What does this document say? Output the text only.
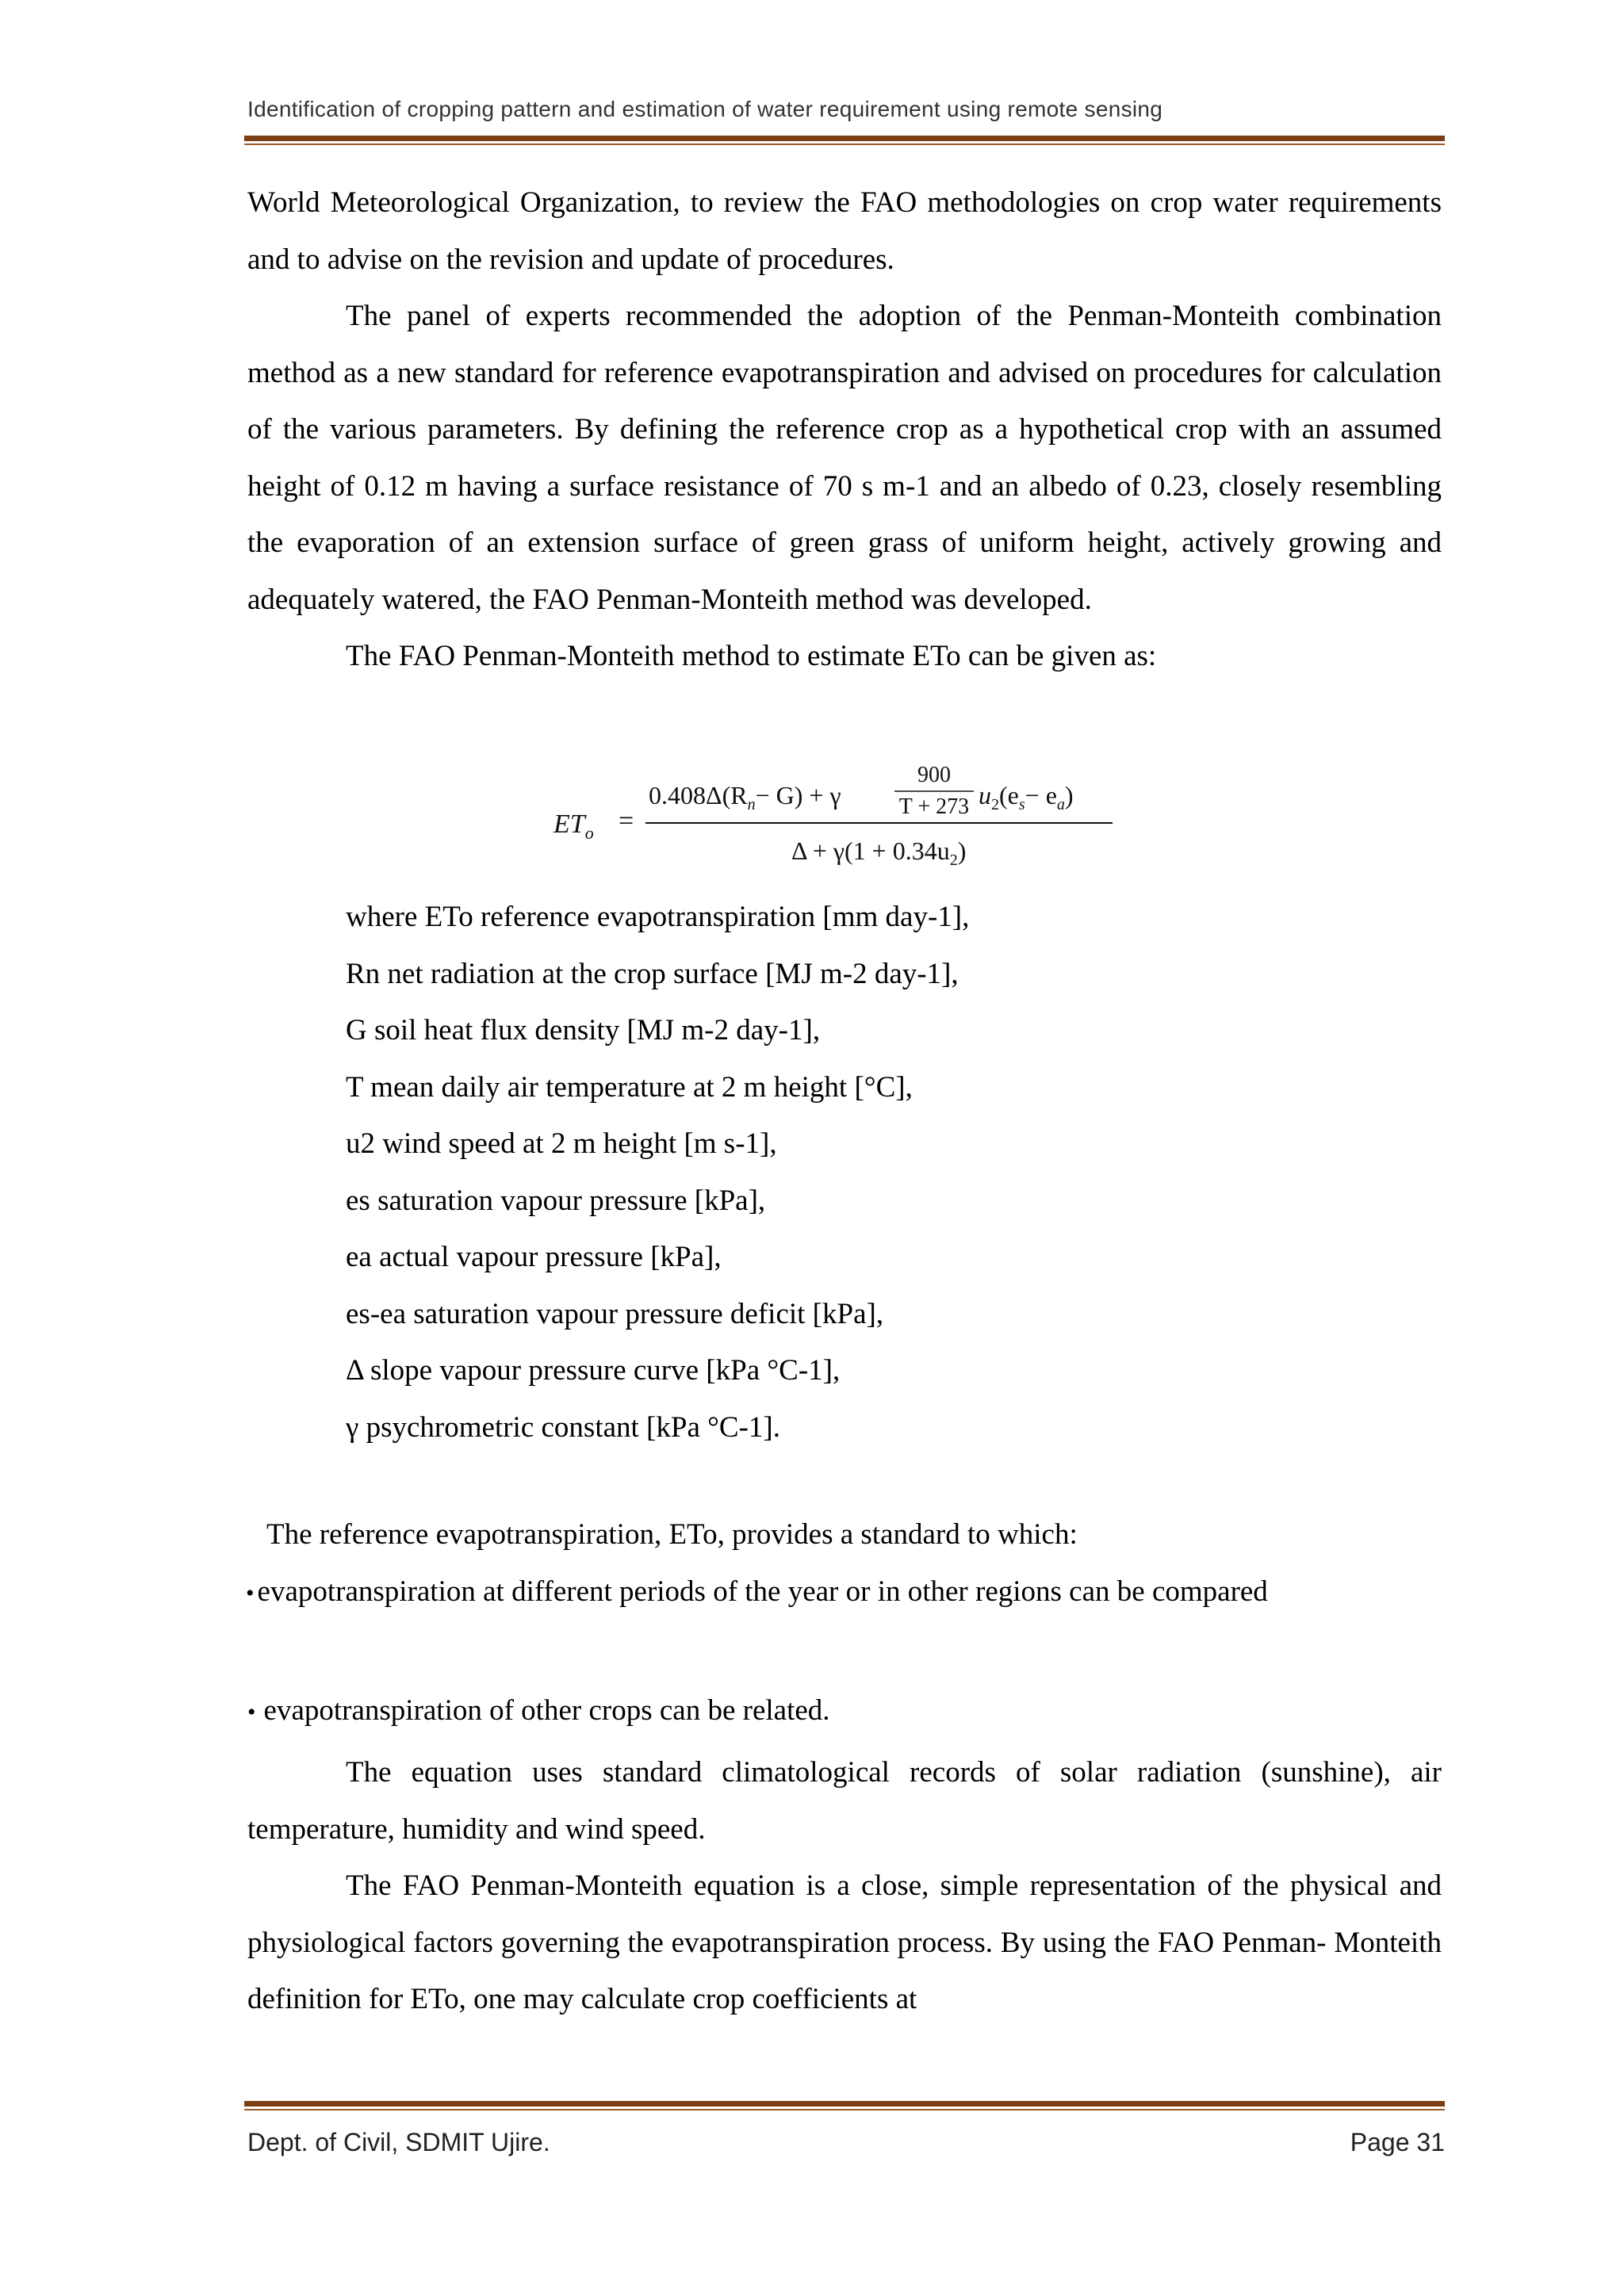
Identification of cropping pattern and estimation of water requirement using remote sensing

World Meteorological Organization, to review the FAO methodologies on crop water requirements and to advise on the revision and update of procedures.

The panel of experts recommended the adoption of the Penman-Monteith combination method as a new standard for reference evapotranspiration and advised on procedures for calculation of the various parameters. By defining the reference crop as a hypothetical crop with an assumed height of 0.12 m having a surface resistance of 70 s m-1 and an albedo of 0.23, closely resembling the evaporation of an extension surface of green grass of uniform height, actively growing and adequately watered, the FAO Penman-Monteith method was developed.

The FAO Penman-Monteith method to estimate ETo can be given as:

$ET_o$ =
$0.408\Delta(R_n- G) + \gamma$
900
T + 273 $u_2(e_s- e_a)$
$\Delta + \gamma(1 + 0.34u_2)$
where ETo reference evapotranspiration [mm day-1],
Rn net radiation at the crop surface [MJ m-2 day-1],
G soil heat flux density [MJ m-2 day-1],
T mean daily air temperature at 2 m height [°C],
u2 wind speed at 2 m height [m s-1],
es saturation vapour pressure [kPa],
ea actual vapour pressure [kPa],
es-ea saturation vapour pressure deficit [kPa],
Δ slope vapour pressure curve [kPa °C-1],
γ psychrometric constant [kPa °C-1].
The reference evapotranspiration, ETo, provides a standard to which:
• evapotranspiration at different periods of the year or in other regions can be compared
• evapotranspiration of other crops can be related.

The equation uses standard climatological records of solar radiation (sunshine), air temperature, humidity and wind speed.

The FAO Penman-Monteith equation is a close, simple representation of the physical and physiological factors governing the evapotranspiration process. By using the FAO Penman- Monteith definition for ETo, one may calculate crop coefficients at

Dept. of Civil, SDMIT Ujire.	Page 31
